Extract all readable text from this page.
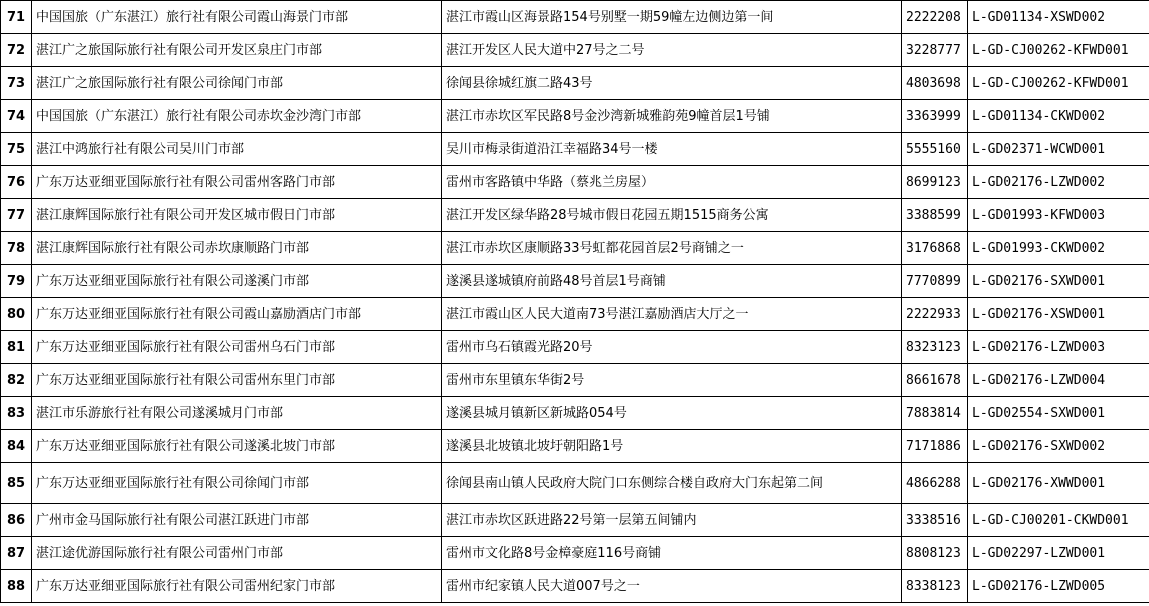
71	中国国旅（广东湛江）旅行社有限公司霞山海景门市部	湛江市霞山区海景路154号别墅一期59幢左边侧边第一间	2222208	L-GD01134-XSWD002
72	湛江广之旅国际旅行社有限公司开发区泉庄门市部	湛江开发区人民大道中27号之二号	3228777	L-GD-CJ00262-KFWD001
73	湛江广之旅国际旅行社有限公司徐闻门市部	徐闻县徐城红旗二路43号	4803698	L-GD-CJ00262-KFWD001
74	中国国旅（广东湛江）旅行社有限公司赤坎金沙湾门市部	湛江市赤坎区军民路8号金沙湾新城雅韵苑9幢首层1号铺	3363999	L-GD01134-CKWD002
75	湛江中鸿旅行社有限公司吴川门市部	吴川市梅录街道沿江幸福路34号一楼	5555160	L-GD02371-WCWD001
76	广东万达亚细亚国际旅行社有限公司雷州客路门市部	雷州市客路镇中华路（蔡兆兰房屋）	8699123	L-GD02176-LZWD002
77	湛江康辉国际旅行社有限公司开发区城市假日门市部	湛江开发区绿华路28号城市假日花园五期1515商务公寓	3388599	L-GD01993-KFWD003
78	湛江康辉国际旅行社有限公司赤坎康顺路门市部	湛江市赤坎区康顺路33号虹都花园首层2号商铺之一	3176868	L-GD01993-CKWD002
79	广东万达亚细亚国际旅行社有限公司遂溪门市部	遂溪县遂城镇府前路48号首层1号商铺	7770899	L-GD02176-SXWD001
80	广东万达亚细亚国际旅行社有限公司霞山嘉励酒店门市部	湛江市霞山区人民大道南73号湛江嘉励酒店大厅之一	2222933	L-GD02176-XSWD001
81	广东万达亚细亚国际旅行社有限公司雷州乌石门市部	雷州市乌石镇霞光路20号	8323123	L-GD02176-LZWD003
82	广东万达亚细亚国际旅行社有限公司雷州东里门市部	雷州市东里镇东华街2号	8661678	L-GD02176-LZWD004
83	湛江市乐游旅行社有限公司遂溪城月门市部	遂溪县城月镇新区新城路054号	7883814	L-GD02554-SXWD001
84	广东万达亚细亚国际旅行社有限公司遂溪北坡门市部	遂溪县北坡镇北坡圩朝阳路1号	7171886	L-GD02176-SXWD002
85	广东万达亚细亚国际旅行社有限公司徐闻门市部	徐闻县南山镇人民政府大院门口东侧综合楼自政府大门东起第二间	4866288	L-GD02176-XWWD001
86	广州市金马国际旅行社有限公司湛江跃进门市部	湛江市赤坎区跃进路22号第一层第五间铺内	3338516	L-GD-CJ00201-CKWD001
87	湛江途优游国际旅行社有限公司雷州门市部	雷州市文化路8号金樟豪庭116号商铺	8808123	L-GD02297-LZWD001
88	广东万达亚细亚国际旅行社有限公司雷州纪家门市部	雷州市纪家镇人民大道007号之一	8338123	L-GD02176-LZWD005
